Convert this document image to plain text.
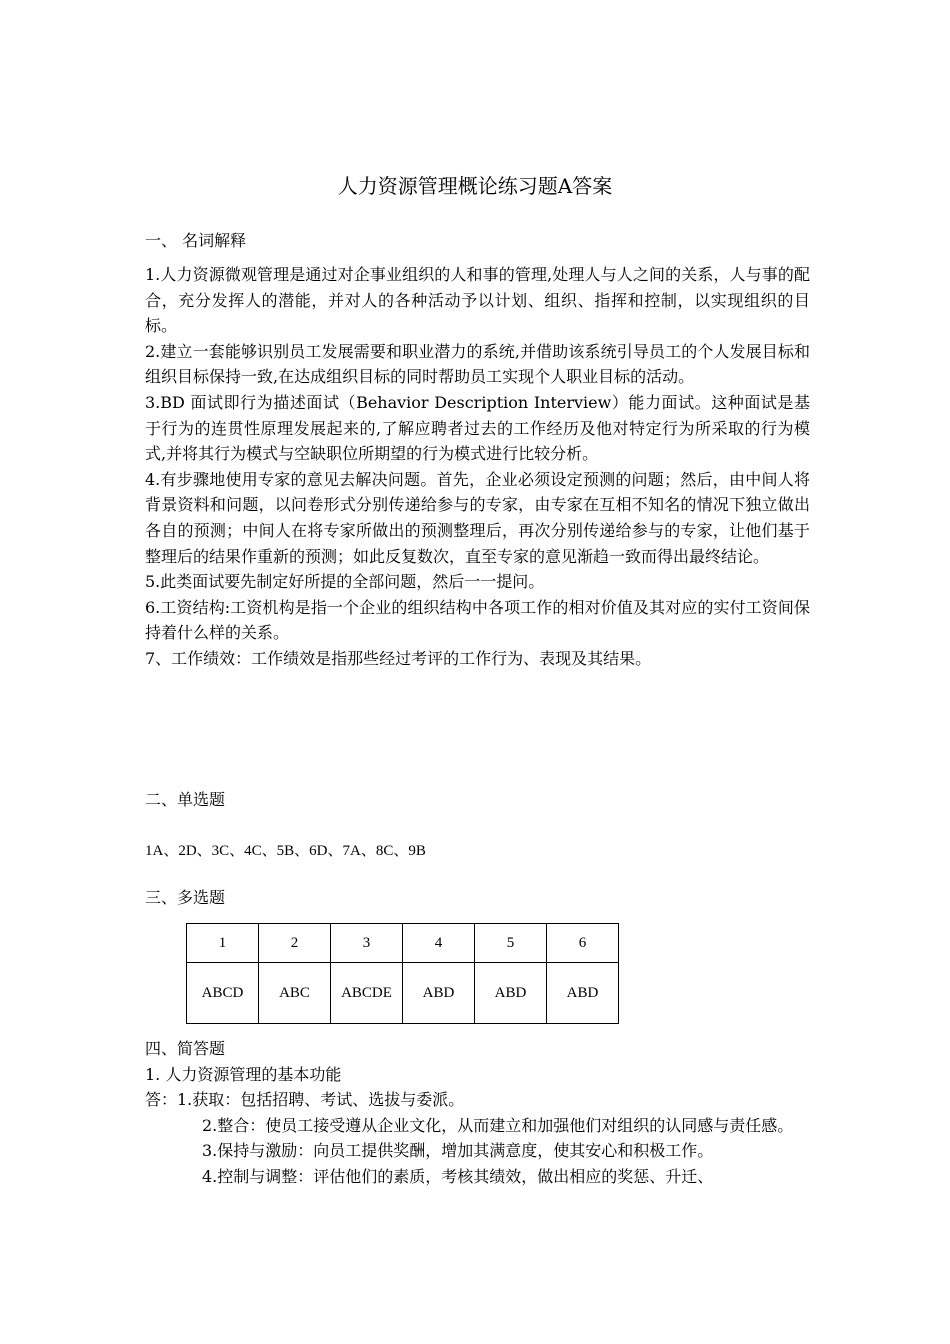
人力资源管理概论练习题A答案
一、 名词解释

1.人力资源微观管理是通过对企事业组织的人和事的管理,处理人与人之间的关系，人与事的配合，充分发挥人的潜能，并对人的各种活动予以计划、组织、指挥和控制，以实现组织的目标。

2.建立一套能够识别员工发展需要和职业潜力的系统,并借助该系统引导员工的个人发展目标和组织目标保持一致,在达成组织目标的同时帮助员工实现个人职业目标的活动。

3.BD 面试即行为描述面试（Behavior Description Interview）能力面试。这种面试是基于行为的连贯性原理发展起来的,了解应聘者过去的工作经历及他对特定行为所采取的行为模式,并将其行为模式与空缺职位所期望的行为模式进行比较分析。

4.有步骤地使用专家的意见去解决问题。首先，企业必须设定预测的问题；然后，由中间人将背景资料和问题，以问卷形式分别传递给参与的专家，由专家在互相不知名的情况下独立做出各自的预测；中间人在将专家所做出的预测整理后，再次分别传递给参与的专家，让他们基于整理后的结果作重新的预测；如此反复数次，直至专家的意见渐趋一致而得出最终结论。

5.此类面试要先制定好所提的全部问题，然后一一提问。

6.工资结构:工资机构是指一个企业的组织结构中各项工作的相对价值及其对应的实付工资间保持着什么样的关系。

7、工作绩效：工作绩效是指那些经过考评的工作行为、表现及其结果。

二、单选题
1A、2D、3C、4C、5B、6D、7A、8C、9B
三、多选题
1	2	3	4	5	6
ABCD	ABC	ABCDE	ABD	ABD	ABD

四、简答题

1. 人力资源管理的基本功能

答：1.获取：包括招聘、考试、选拔与委派。

2.整合：使员工接受遵从企业文化，从而建立和加强他们对组织的认同感与责任感。

3.保持与激励：向员工提供奖酬，增加其满意度，使其安心和积极工作。

4.控制与调整：评估他们的素质，考核其绩效，做出相应的奖惩、升迁、
